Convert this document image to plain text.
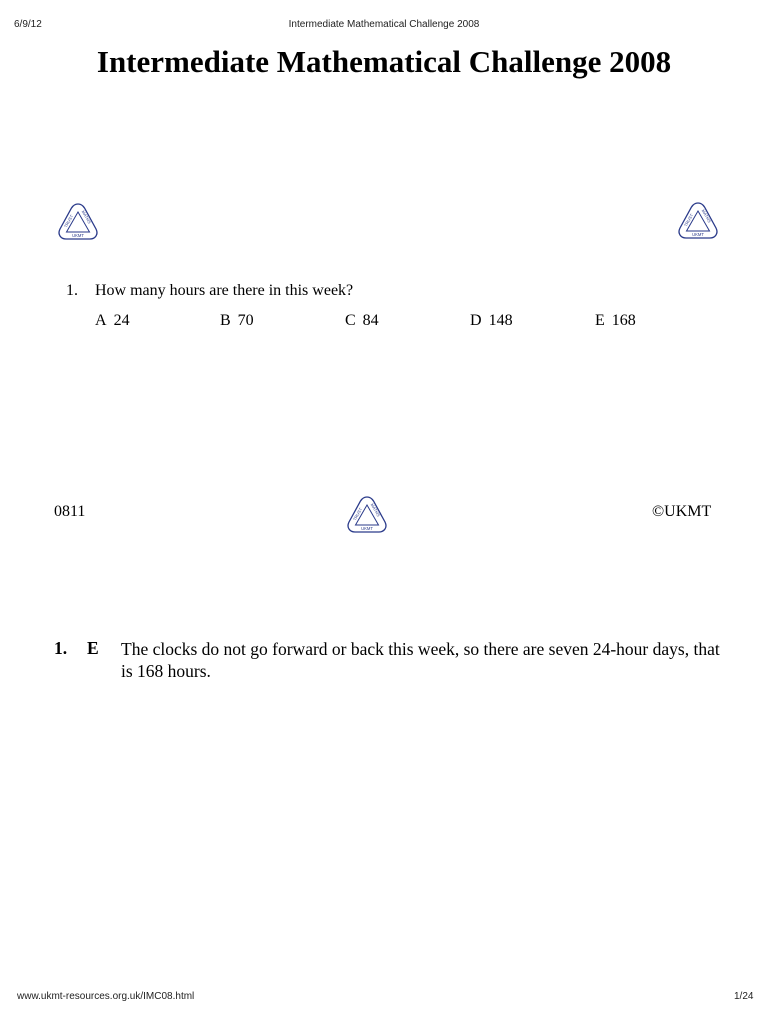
6/9/12	Intermediate Mathematical Challenge 2008
Intermediate Mathematical Challenge 2008
TRUST MATHS
UKMT
TRUST MATHS
UKMT
1. How many hours are there in this week?
A 24	B 70	C 84	D 148	E 168
0811	TRUST MATHS
UKMT
©UKMT
1. E The clocks do not go forward or back this week, so there are seven 24-hour days, that is 168 hours.
www.ukmt-resources.org.uk/IMC08.html	1/24
